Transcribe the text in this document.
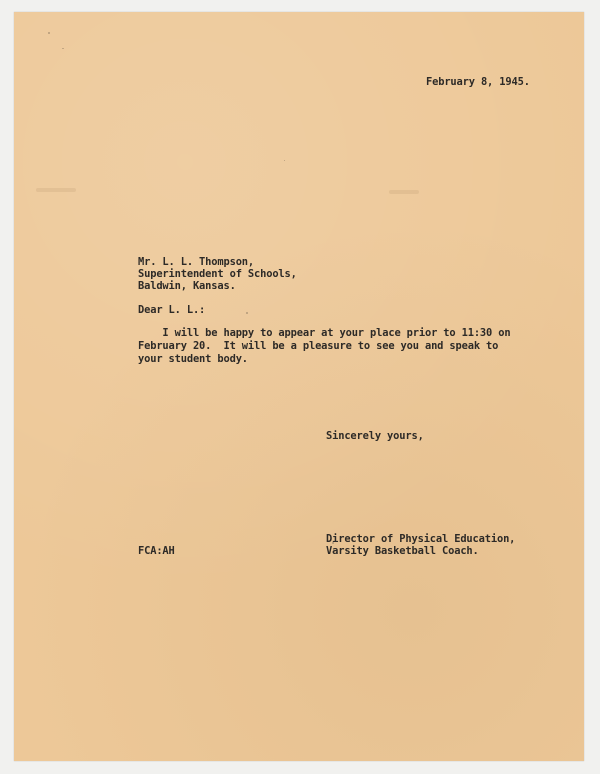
February 8, 1945.
Mr. L. L. Thompson,
Superintendent of Schools,
Baldwin, Kansas.
Dear L. L.:
I will be happy to appear at your place prior to 11:30 on
February 20.  It will be a pleasure to see you and speak to
your student body.
Sincerely yours,
FCA:AH
Director of Physical Education,
Varsity Basketball Coach.
